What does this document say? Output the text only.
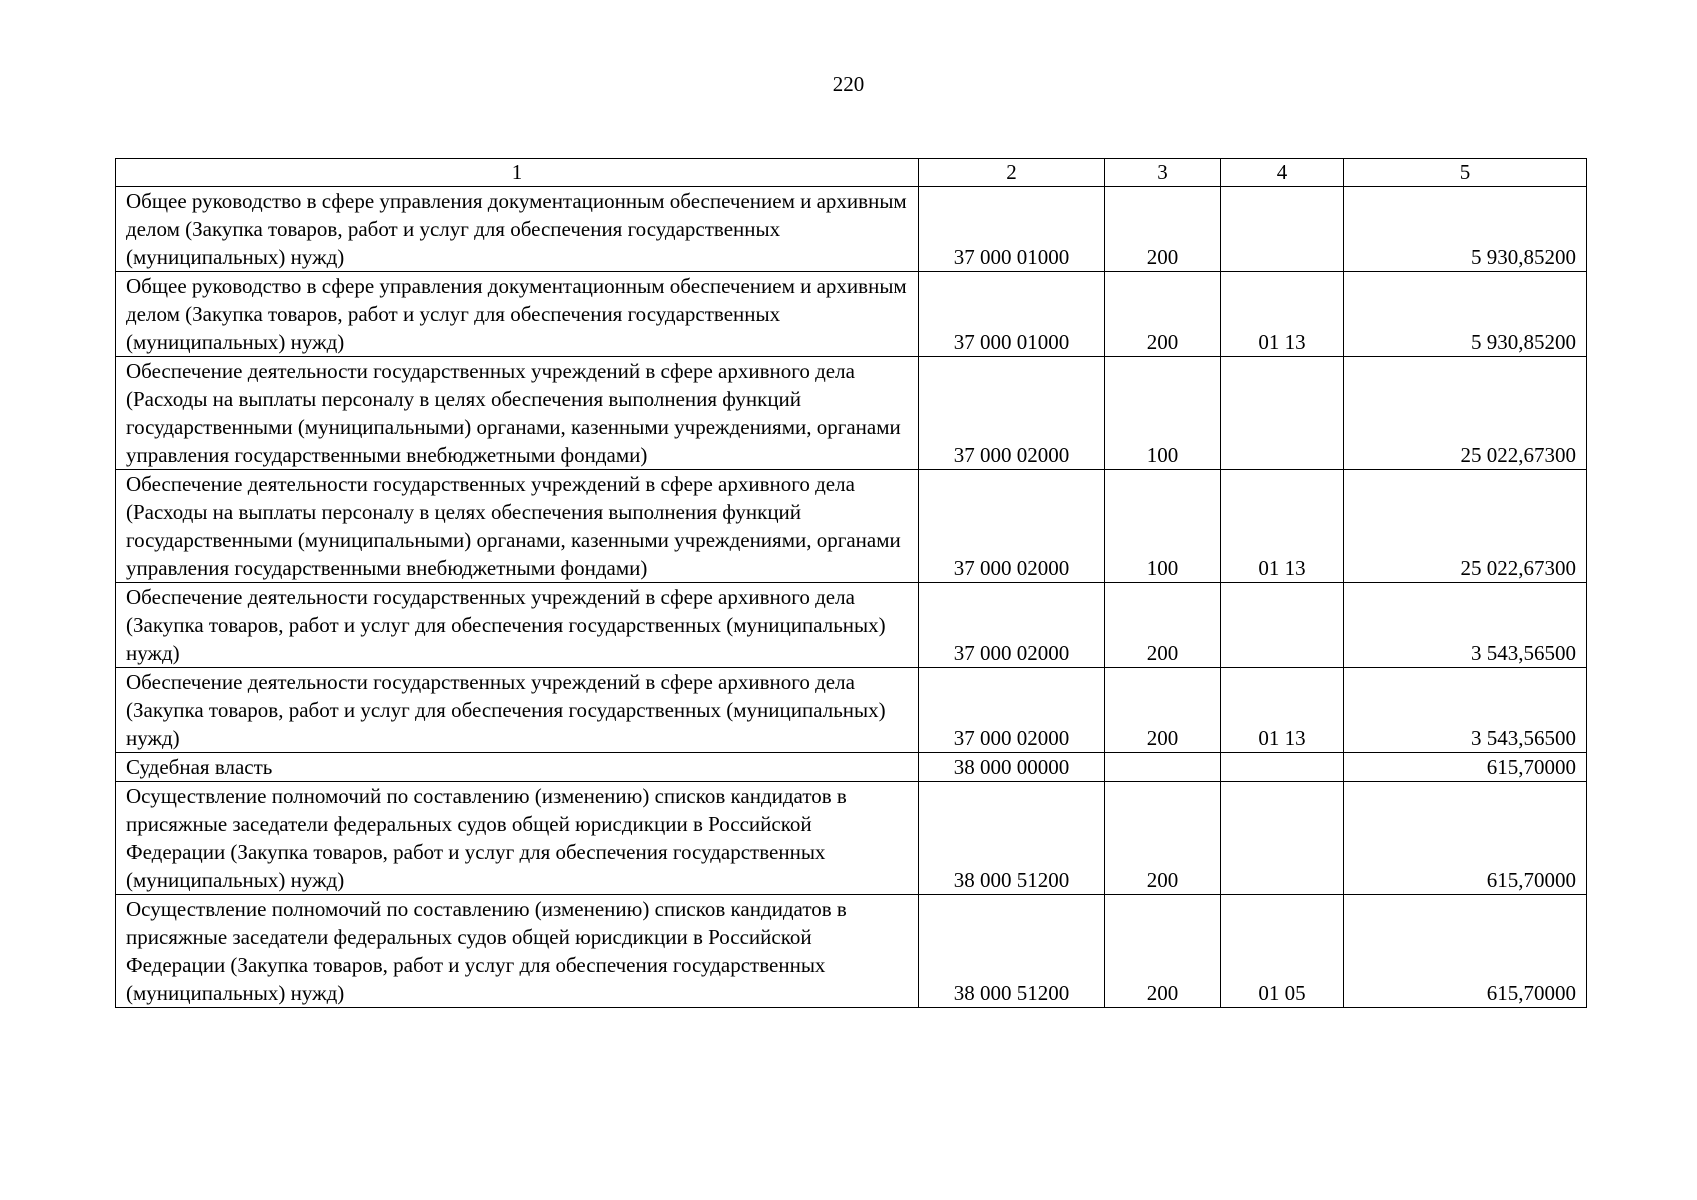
220
1	2	3	4	5
Общее руководство в сфере управления документационным обеспечением и архивным делом (Закупка товаров, работ и услуг для обеспечения государственных (муниципальных) нужд)	37 000 01000	200		5 930,85200
Общее руководство в сфере управления документационным обеспечением и архивным делом (Закупка товаров, работ и услуг для обеспечения государственных (муниципальных) нужд)	37 000 01000	200	01 13	5 930,85200
Обеспечение деятельности государственных учреждений в сфере архивного дела (Расходы на выплаты персоналу в целях обеспечения выполнения функций государственными (муниципальными) органами, казенными учреждениями, органами управления государственными внебюджетными фондами)	37 000 02000	100		25 022,67300
Обеспечение деятельности государственных учреждений в сфере архивного дела (Расходы на выплаты персоналу в целях обеспечения выполнения функций государственными (муниципальными) органами, казенными учреждениями, органами управления государственными внебюджетными фондами)	37 000 02000	100	01 13	25 022,67300
Обеспечение деятельности государственных учреждений в сфере архивного дела (Закупка товаров, работ и услуг для обеспечения государственных (муниципальных) нужд)	37 000 02000	200		3 543,56500
Обеспечение деятельности государственных учреждений в сфере архивного дела (Закупка товаров, работ и услуг для обеспечения государственных (муниципальных) нужд)	37 000 02000	200	01 13	3 543,56500
Судебная власть	38 000 00000			615,70000
Осуществление полномочий по составлению (изменению) списков кандидатов в присяжные заседатели федеральных судов общей юрисдикции в Российской Федерации (Закупка товаров, работ и услуг для обеспечения государственных (муниципальных) нужд)	38 000 51200	200		615,70000
Осуществление полномочий по составлению (изменению) списков кандидатов в присяжные заседатели федеральных судов общей юрисдикции в Российской Федерации (Закупка товаров, работ и услуг для обеспечения государственных (муниципальных) нужд)	38 000 51200	200	01 05	615,70000
